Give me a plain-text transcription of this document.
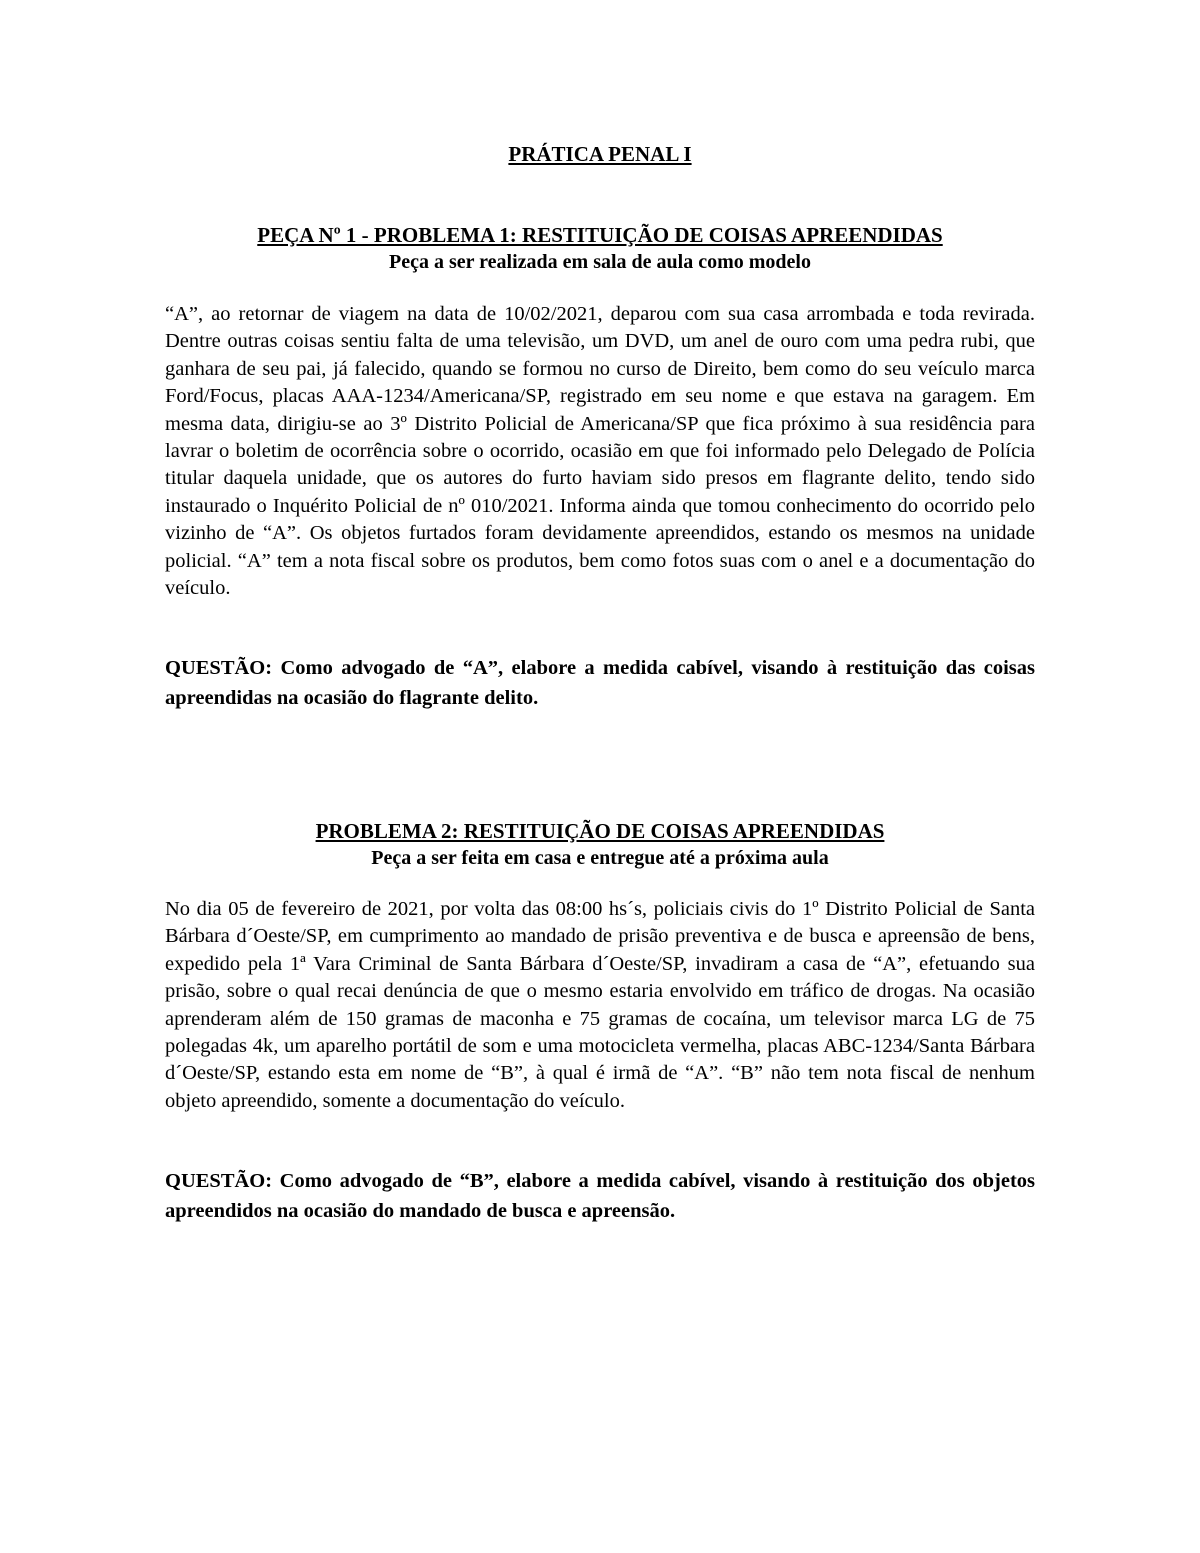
PRÁTICA PENAL I

PEÇA Nº 1 - PROBLEMA 1: RESTITUIÇÃO DE COISAS APREENDIDAS

Peça a ser realizada em sala de aula como modelo

“A”, ao retornar de viagem na data de 10/02/2021, deparou com sua casa arrombada e toda revirada. Dentre outras coisas sentiu falta de uma televisão, um DVD, um anel de ouro com uma pedra rubi, que ganhara de seu pai, já falecido, quando se formou no curso de Direito, bem como do seu veículo marca Ford/Focus, placas AAA-1234/Americana/SP, registrado em seu nome e que estava na garagem. Em mesma data, dirigiu-se ao 3º Distrito Policial de Americana/SP que fica próximo à sua residência para lavrar o boletim de ocorrência sobre o ocorrido, ocasião em que foi informado pelo Delegado de Polícia titular daquela unidade, que os autores do furto haviam sido presos em flagrante delito, tendo sido instaurado o Inquérito Policial de nº 010/2021. Informa ainda que tomou conhecimento do ocorrido pelo vizinho de “A”. Os objetos furtados foram devidamente apreendidos, estando os mesmos na unidade policial. “A” tem a nota fiscal sobre os produtos, bem como fotos suas com o anel e a documentação do veículo.

QUESTÃO: Como advogado de “A”, elabore a medida cabível, visando à restituição das coisas apreendidas na ocasião do flagrante delito.

PROBLEMA 2: RESTITUIÇÃO DE COISAS APREENDIDAS

Peça a ser feita em casa e entregue até a próxima aula

No dia 05 de fevereiro de 2021, por volta das 08:00 hs´s, policiais civis do 1º Distrito Policial de Santa Bárbara d´Oeste/SP, em cumprimento ao mandado de prisão preventiva e de busca e apreensão de bens, expedido pela 1ª Vara Criminal de Santa Bárbara d´Oeste/SP, invadiram a casa de “A”, efetuando sua prisão, sobre o qual recai denúncia de que o mesmo estaria envolvido em tráfico de drogas. Na ocasião aprenderam além de 150 gramas de maconha e 75 gramas de cocaína, um televisor marca LG de 75 polegadas 4k, um aparelho portátil de som e uma motocicleta vermelha, placas ABC-1234/Santa Bárbara d´Oeste/SP, estando esta em nome de “B”, à qual é irmã de “A”. “B” não tem nota fiscal de nenhum objeto apreendido, somente a documentação do veículo.

QUESTÃO: Como advogado de “B”, elabore a medida cabível, visando à restituição dos objetos apreendidos na ocasião do mandado de busca e apreensão.
